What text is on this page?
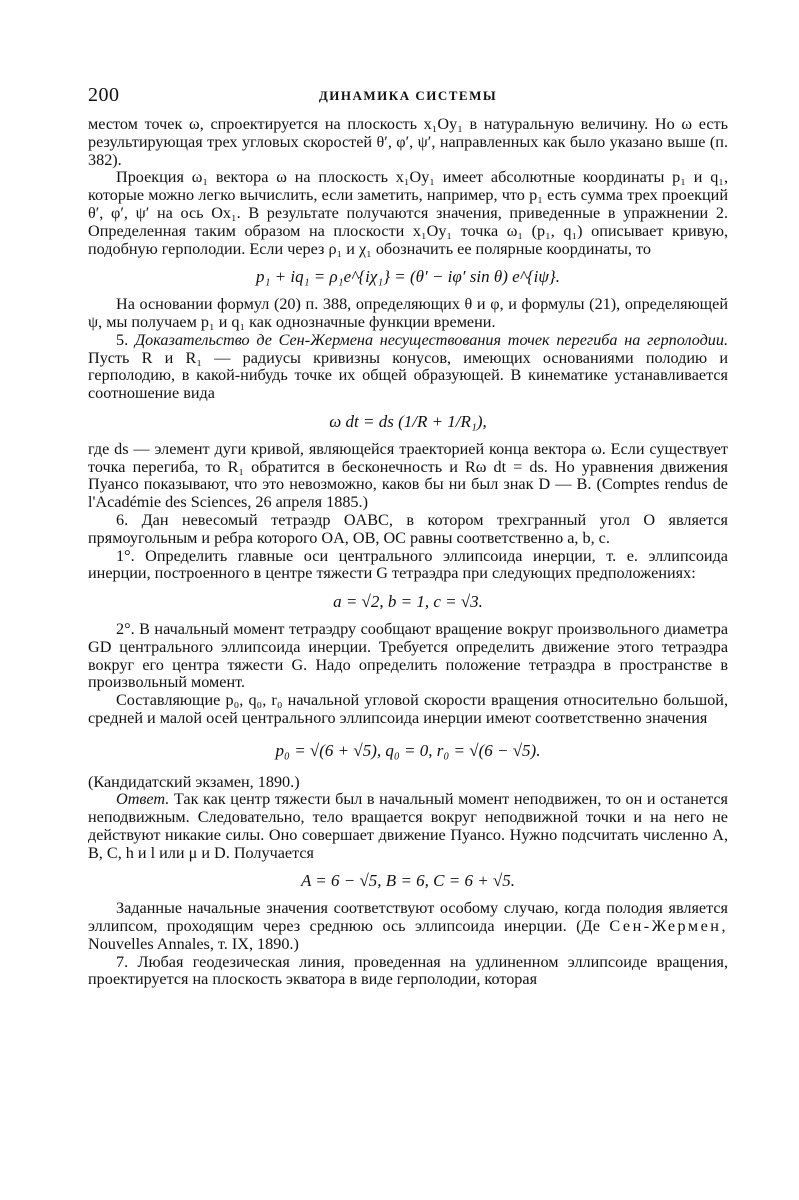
200	ДИНАМИКА СИСТЕМЫ

местом точек ω, спроектируется на плоскость x₁Oy₁ в натуральную величину. Но ω есть результирующая трех угловых скоростей θ′, φ′, ψ′, направленных как было указано выше (п. 382).

Проекция ω₁ вектора ω на плоскость x₁Oy₁ имеет абсолютные координаты p₁ и q₁, которые можно легко вычислить, если заметить, например, что p₁ есть сумма трех проекций θ′, φ′, ψ′ на ось Ox₁. В результате получаются значения, приведенные в упражнении 2. Определенная таким образом на плоскости x₁Oy₁ точка ω₁ (p₁, q₁) описывает кривую, подобную герполодии. Если через ρ₁ и χ₁ обозначить ее полярные координаты, то

p₁ + iq₁ = ρ₁e^{iχ₁} = (θ′ − iφ′ sin θ) e^{iψ}.

На основании формул (20) п. 388, определяющих θ и φ, и формулы (21), определяющей ψ, мы получаем p₁ и q₁ как однозначные функции времени.

5. Доказательство де Сен-Жермена несуществования точек перегиба на герполодии. Пусть R и R₁ — радиусы кривизны конусов, имеющих основаниями полодию и герполодию, в какой-нибудь точке их общей образующей. В кинематике устанавливается соотношение вида

ω dt = ds (1/R + 1/R₁),

где ds — элемент дуги кривой, являющейся траекторией конца вектора ω. Если существует точка перегиба, то R₁ обратится в бесконечность и Rω dt = ds. Но уравнения движения Пуансо показывают, что это невозможно, каков бы ни был знак D — B. (Comptes rendus de l'Académie des Sciences, 26 апреля 1885.)

6. Дан невесомый тетраэдр OABC, в котором трехгранный угол O является прямоугольным и ребра которого OA, OB, OC равны соответственно a, b, c.

1°. Определить главные оси центрального эллипсоида инерции, т. е. эллипсоида инерции, построенного в центре тяжести G тетраэдра при следующих предположениях:

a = √2, b = 1, c = √3.

2°. В начальный момент тетраэдру сообщают вращение вокруг произвольного диаметра GD центрального эллипсоида инерции. Требуется определить движение этого тетраэдра вокруг его центра тяжести G. Надо определить положение тетраэдра в пространстве в произвольный момент.

Составляющие p₀, q₀, r₀ начальной угловой скорости вращения относительно большой, средней и малой осей центрального эллипсоида инерции имеют соответственно значения

p₀ = √(6 + √5), q₀ = 0, r₀ = √(6 − √5).

(Кандидатский экзамен, 1890.)

Ответ. Так как центр тяжести был в начальный момент неподвижен, то он и останется неподвижным. Следовательно, тело вращается вокруг неподвижной точки и на него не действуют никакие силы. Оно совершает движение Пуансо. Нужно подсчитать численно A, B, C, h и l или μ и D. Получается

A = 6 − √5, B = 6, C = 6 + √5.

Заданные начальные значения соответствуют особому случаю, когда полодия является эллипсом, проходящим через среднюю ось эллипсоида инерции. (Де Сен-Жермен, Nouvelles Annales, т. IX, 1890.)

7. Любая геодезическая линия, проведенная на удлиненном эллипсоиде вращения, проектируется на плоскость экватора в виде герполодии, которая
